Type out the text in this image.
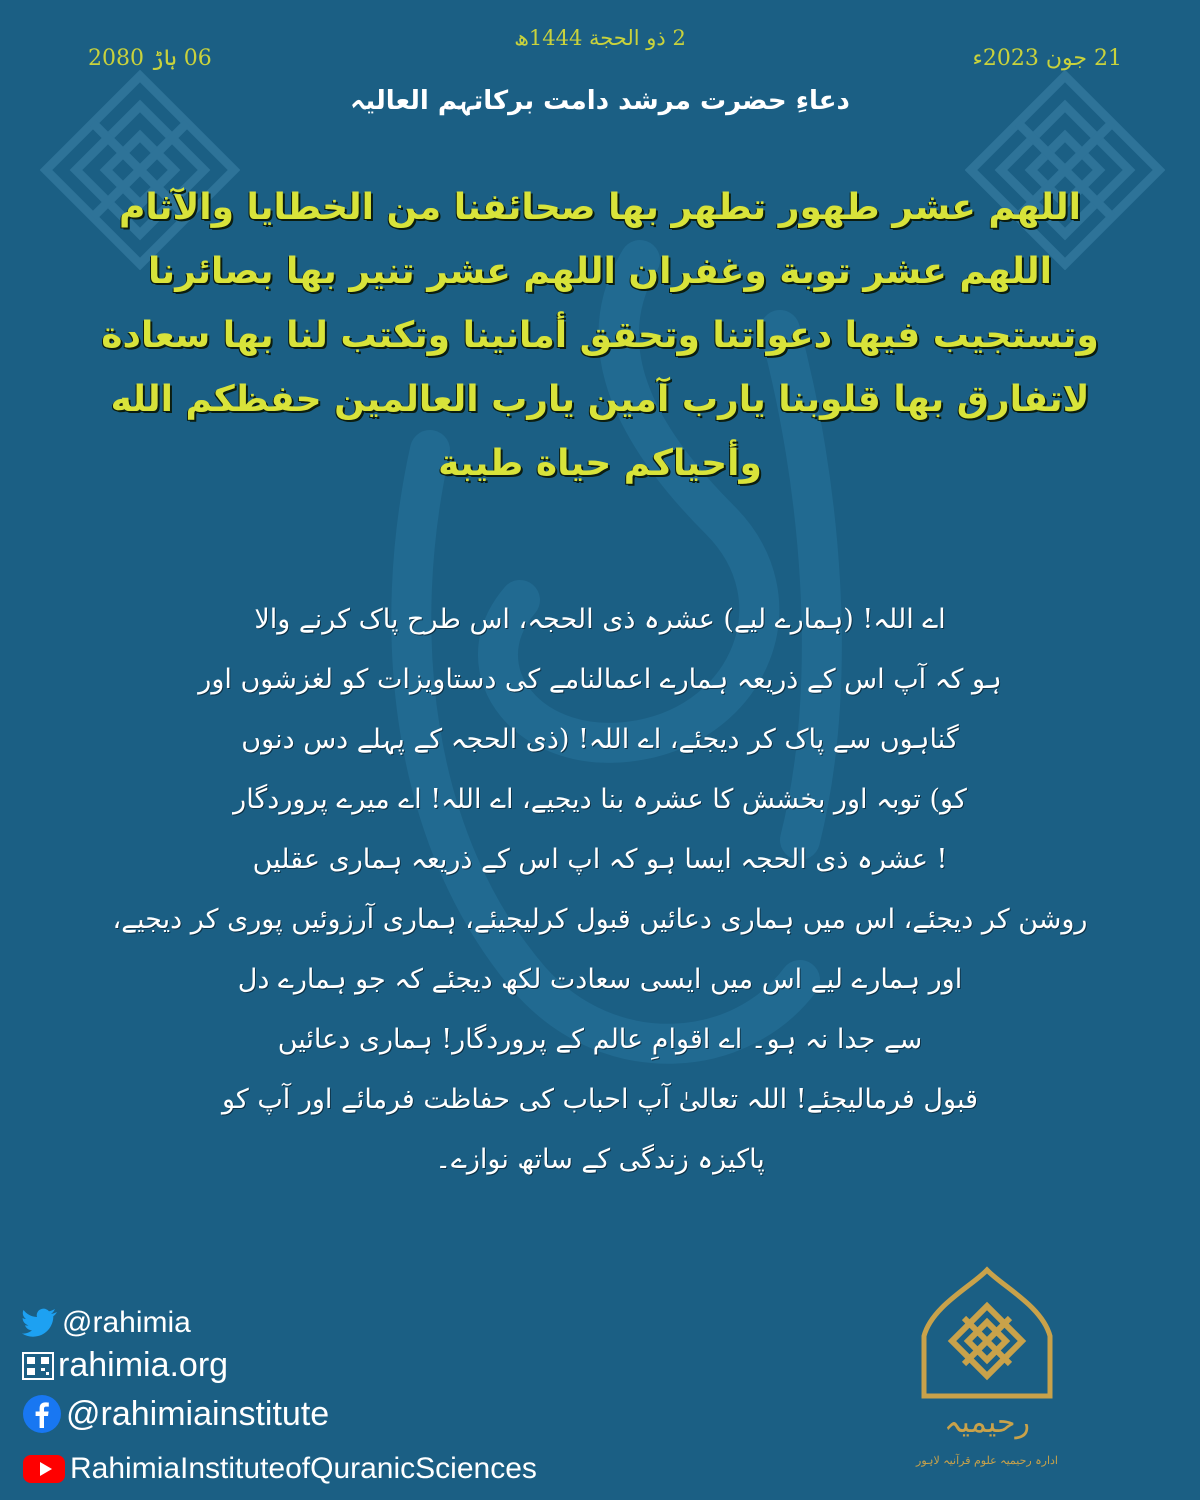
2 ذو الحجة 1444ھ
21 جون 2023ء
06 ہاڑ 2080
دعاءِ حضرت مرشد دامت برکاتہم العالیہ
اللهم عشر طهور تطهر بها صحائفنا من الخطايا والآثام
اللهم عشر توبة وغفران اللهم عشر تنير بها بصائرنا
وتستجيب فيها دعواتنا وتحقق أمانينا وتكتب لنا بها سعادة
لاتفارق بها قلوبنا يارب آمين يارب العالمين حفظكم الله
وأحياكم حياة طيبة
اے اللہ! (ہمارے لیے) عشرہ ذی الحجہ، اس طرح پاک کرنے والا
ہو کہ آپ اس کے ذریعہ ہمارے اعمالنامے کی دستاویزات کو لغزشوں اور
گناہوں سے پاک کر دیجئے، اے اللہ! (ذی الحجہ کے پہلے دس دنوں
کو) توبہ اور بخشش کا عشرہ بنا دیجیے، اے اللہ! اے میرے پروردگار
! عشرہ ذی الحجہ ایسا ہو کہ اپ اس کے ذریعہ ہماری عقلیں
روشن کر دیجئے، اس میں ہماری دعائیں قبول کرلیجیئے، ہماری آرزوئیں پوری کر دیجیے،
اور ہمارے لیے اس میں ایسی سعادت لکھ دیجئے کہ جو ہمارے دل
سے جدا نہ ہو۔ اے اقوامِ عالم کے پروردگار! ہماری دعائیں
قبول فرمالیجئے! اللہ تعالیٰ آپ احباب کی حفاظت فرمائے اور آپ کو
پاکیزہ زندگی کے ساتھ نوازے۔
@rahimia
rahimia.org
@rahimiainstitute
RahimiaInstituteofQuranicSciences
رحیمیہ
ادارہ رحیمیہ علوم قرآنیہ لاہور
